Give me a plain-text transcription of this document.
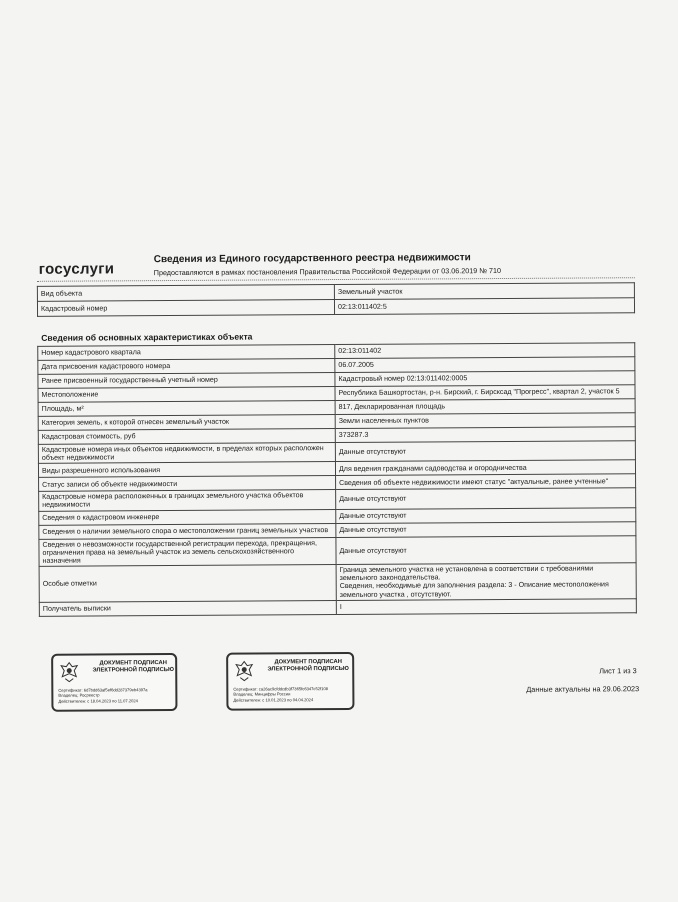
госуслуги
Сведения из Единого государственного реестра недвижимости
Предоставляются в рамках постановления Правительства Российской Федерации от 03.06.2019 № 710
Вид объекта	Земельный участок
Кадастровый номер	02:13:011402:5
Сведения об основных характеристиках объекта
Номер кадастрового квартала	02:13:011402
Дата присвоения кадастрового номера	06.07.2005
Ранее присвоенный государственный учетный номер	Кадастровый номер 02:13:011402:0005
Местоположение	Республика Башкортостан, р-н. Бирский, г. Бирскcад "Прогресс", квартал 2, участок 5
Площадь, м²	817, Декларированная площадь
Категория земель, к которой отнесен земельный участок	Земли населенных пунктов
Кадастровая стоимость, руб	373287.3
Кадастровые номера иных объектов недвижимости, в пределах которых расположен объект недвижимости	Данные отсутствуют
Виды разрешенного использования	Для ведения гражданами садоводства и огородничества
Статус записи об объекте недвижимости	Сведения об объекте недвижимости имеют статус "актуальные, ранее учтенные"
Кадастровые номера расположенных в границах земельного участка объектов недвижимости	Данные отсутствуют
Сведения о кадастровом инженере	Данные отсутствуют
Сведения о наличии земельного спора о местоположении границ земельных участков	Данные отсутствуют
Сведения о невозможности государственной регистрации перехода, прекращения, ограничения права на земельный участок из земель сельскохозяйственного назначения	Данные отсутствуют
Особые отметки	Граница земельного участка не установлена в соответствии с требованиями земельного законодательства.
Сведения, необходимые для заполнения раздела: 3 - Описание местоположения земельного участка , отсутствуют.
Получатель выписки	I
ДОКУМЕНТ ПОДПИСАН ЭЛЕКТРОННОЙ ПОДПИСЬЮ
Сертификат: 6d7bdd63af5ef6dd287379eb4397a
Владелец: Росреестр
Действителен: с 18.04.2023 по 11.07.2024
ДОКУМЕНТ ПОДПИСАН ЭЛЕКТРОННОЙ ПОДПИСЬЮ
Сертификат: ca26ac9cfddcdb3f7365fc6347c52f108
Владелец: Минцифры России
Действителен: с 10.01.2023 по 04.04.2024
Лист 1 из 3
Данные актуальны на 29.06.2023
